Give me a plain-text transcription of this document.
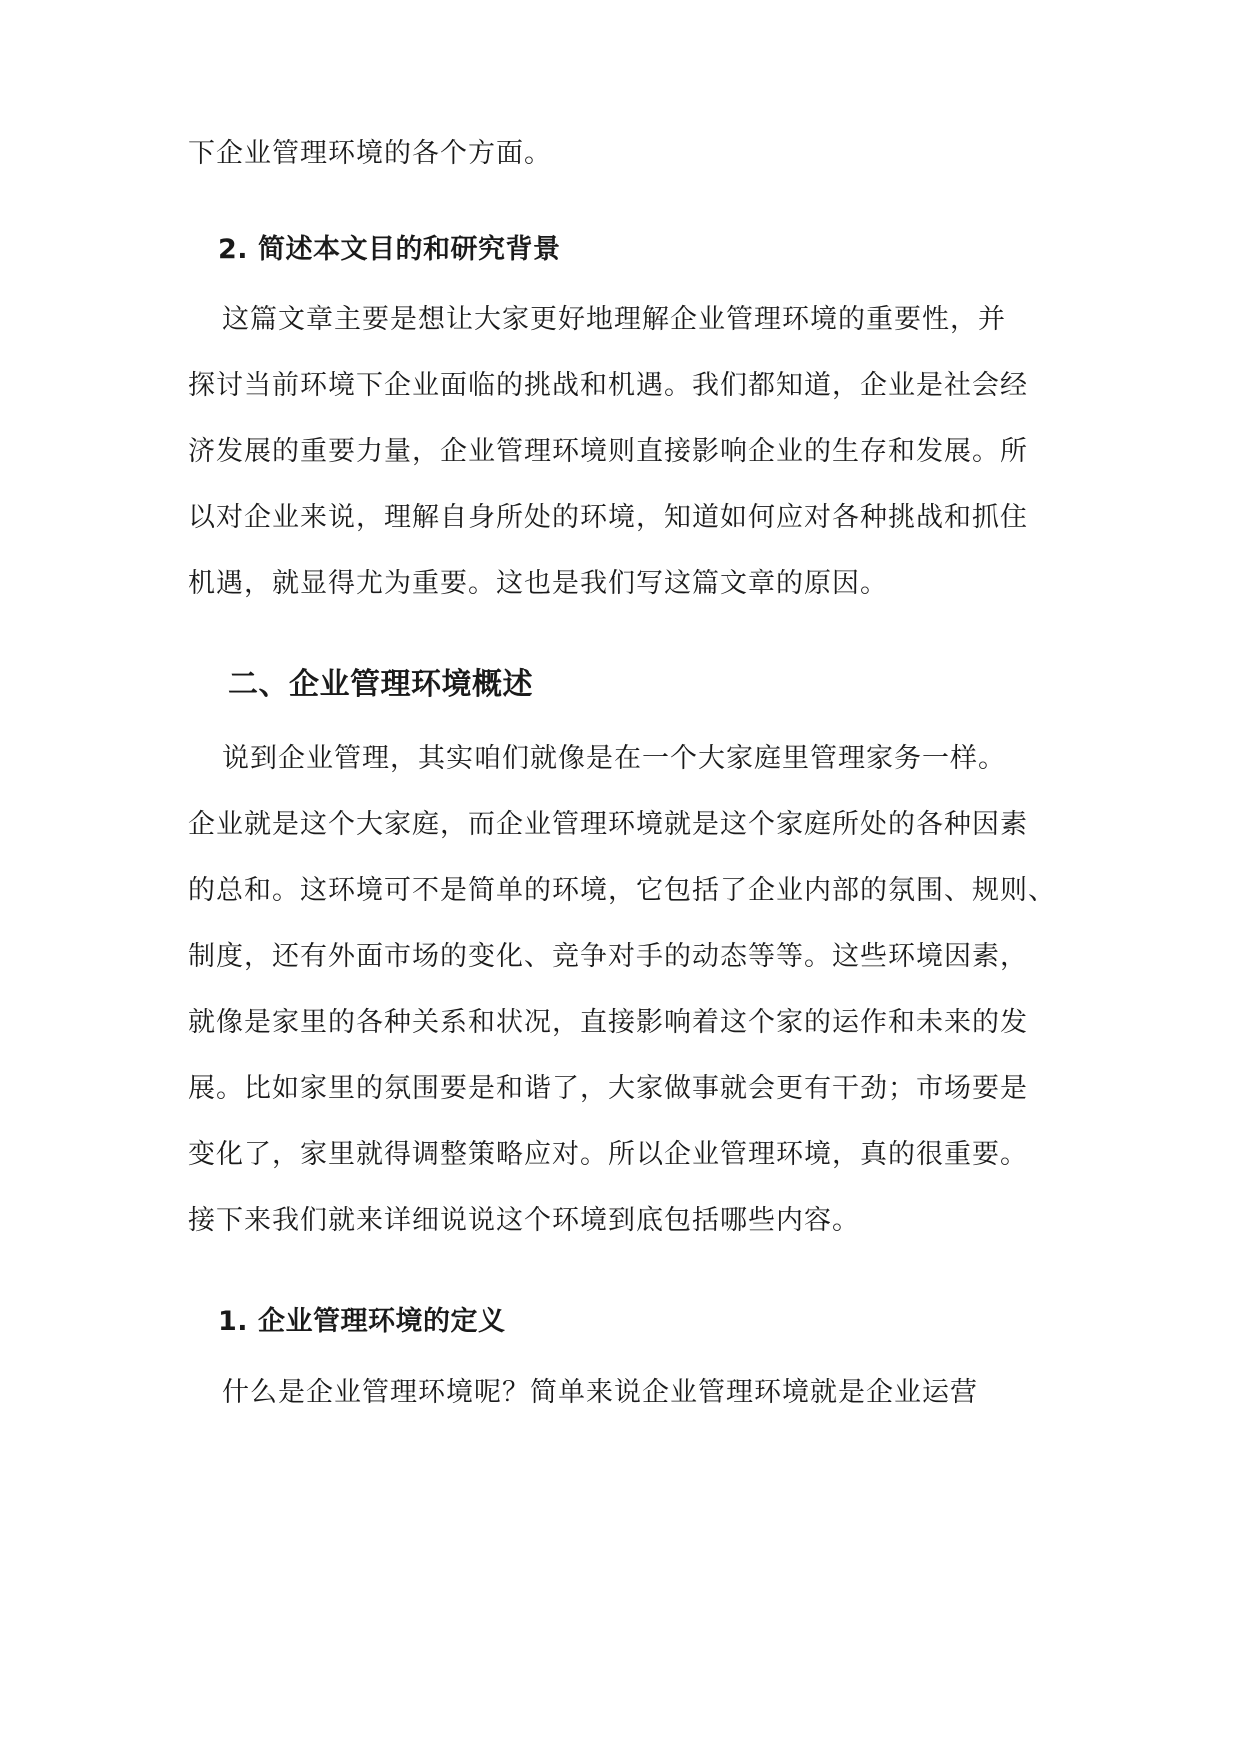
下企业管理环境的各个方面。
2. 简述本文目的和研究背景
这篇文章主要是想让大家更好地理解企业管理环境的重要性，并
探讨当前环境下企业面临的挑战和机遇。我们都知道，企业是社会经
济发展的重要力量，企业管理环境则直接影响企业的生存和发展。所
以对企业来说，理解自身所处的环境，知道如何应对各种挑战和抓住
机遇，就显得尤为重要。这也是我们写这篇文章的原因。
二、企业管理环境概述
说到企业管理，其实咱们就像是在一个大家庭里管理家务一样。
企业就是这个大家庭，而企业管理环境就是这个家庭所处的各种因素
的总和。这环境可不是简单的环境，它包括了企业内部的氛围、规则、
制度，还有外面市场的变化、竞争对手的动态等等。这些环境因素，
就像是家里的各种关系和状况，直接影响着这个家的运作和未来的发
展。比如家里的氛围要是和谐了，大家做事就会更有干劲；市场要是
变化了，家里就得调整策略应对。所以企业管理环境，真的很重要。
接下来我们就来详细说说这个环境到底包括哪些内容。
1. 企业管理环境的定义
什么是企业管理环境呢？简单来说企业管理环境就是企业运营
